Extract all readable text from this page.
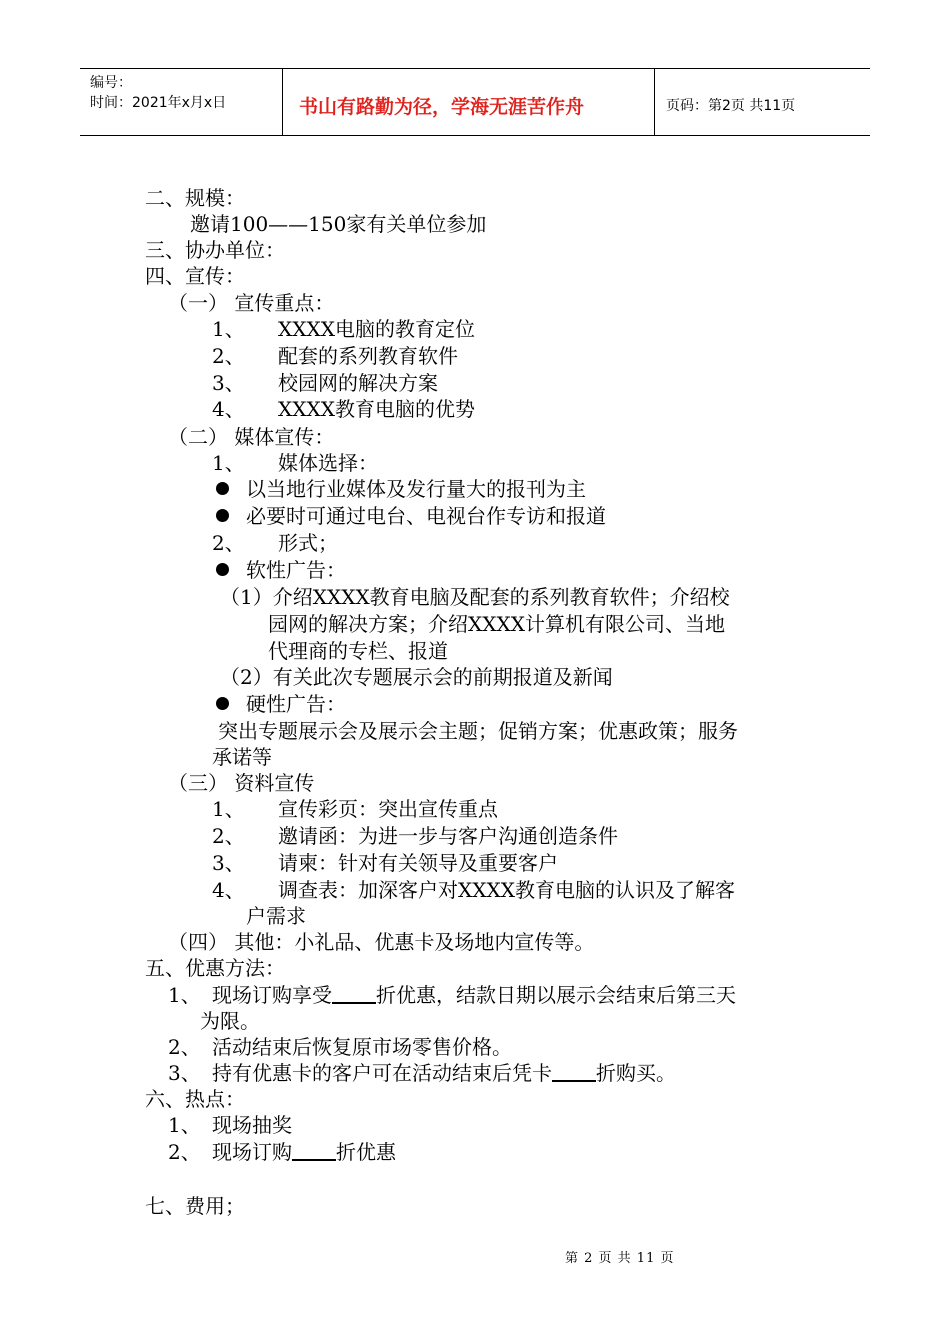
编号：
时间：2021年x月x日	书山有路勤为径，学海无涯苦作舟	页码：第2页 共11页
二、规模：
邀请100——150家有关单位参加
三、协办单位：
四、宣传：
（一） 宣传重点：
1、 XXXX电脑的教育定位
2、 配套的系列教育软件
3、 校园网的解决方案
4、 XXXX教育电脑的优势
（二） 媒体宣传：
1、 媒体选择：
以当地行业媒体及发行量大的报刊为主
必要时可通过电台、电视台作专访和报道
2、 形式；
软性广告：
（1）介绍XXXX教育电脑及配套的系列教育软件；介绍校
园网的解决方案；介绍XXXX计算机有限公司、当地
代理商的专栏、报道
（2）有关此次专题展示会的前期报道及新闻
硬性广告：
突出专题展示会及展示会主题；促销方案；优惠政策；服务
承诺等
（三） 资料宣传
1、 宣传彩页：突出宣传重点
2、 邀请函：为进一步与客户沟通创造条件
3、 请柬：针对有关领导及重要客户
4、 调查表：加深客户对XXXX教育电脑的认识及了解客
户需求
（四） 其他：小礼品、优惠卡及场地内宣传等。
五、优惠方法：
1、 现场订购享受 折优惠，结款日期以展示会结束后第三天
为限。
2、 活动结束后恢复原市场零售价格。
3、 持有优惠卡的客户可在活动结束后凭卡 折购买。
六、热点：
1、 现场抽奖
2、 现场订购 折优惠
七、费用；
第 2 页 共 11 页
